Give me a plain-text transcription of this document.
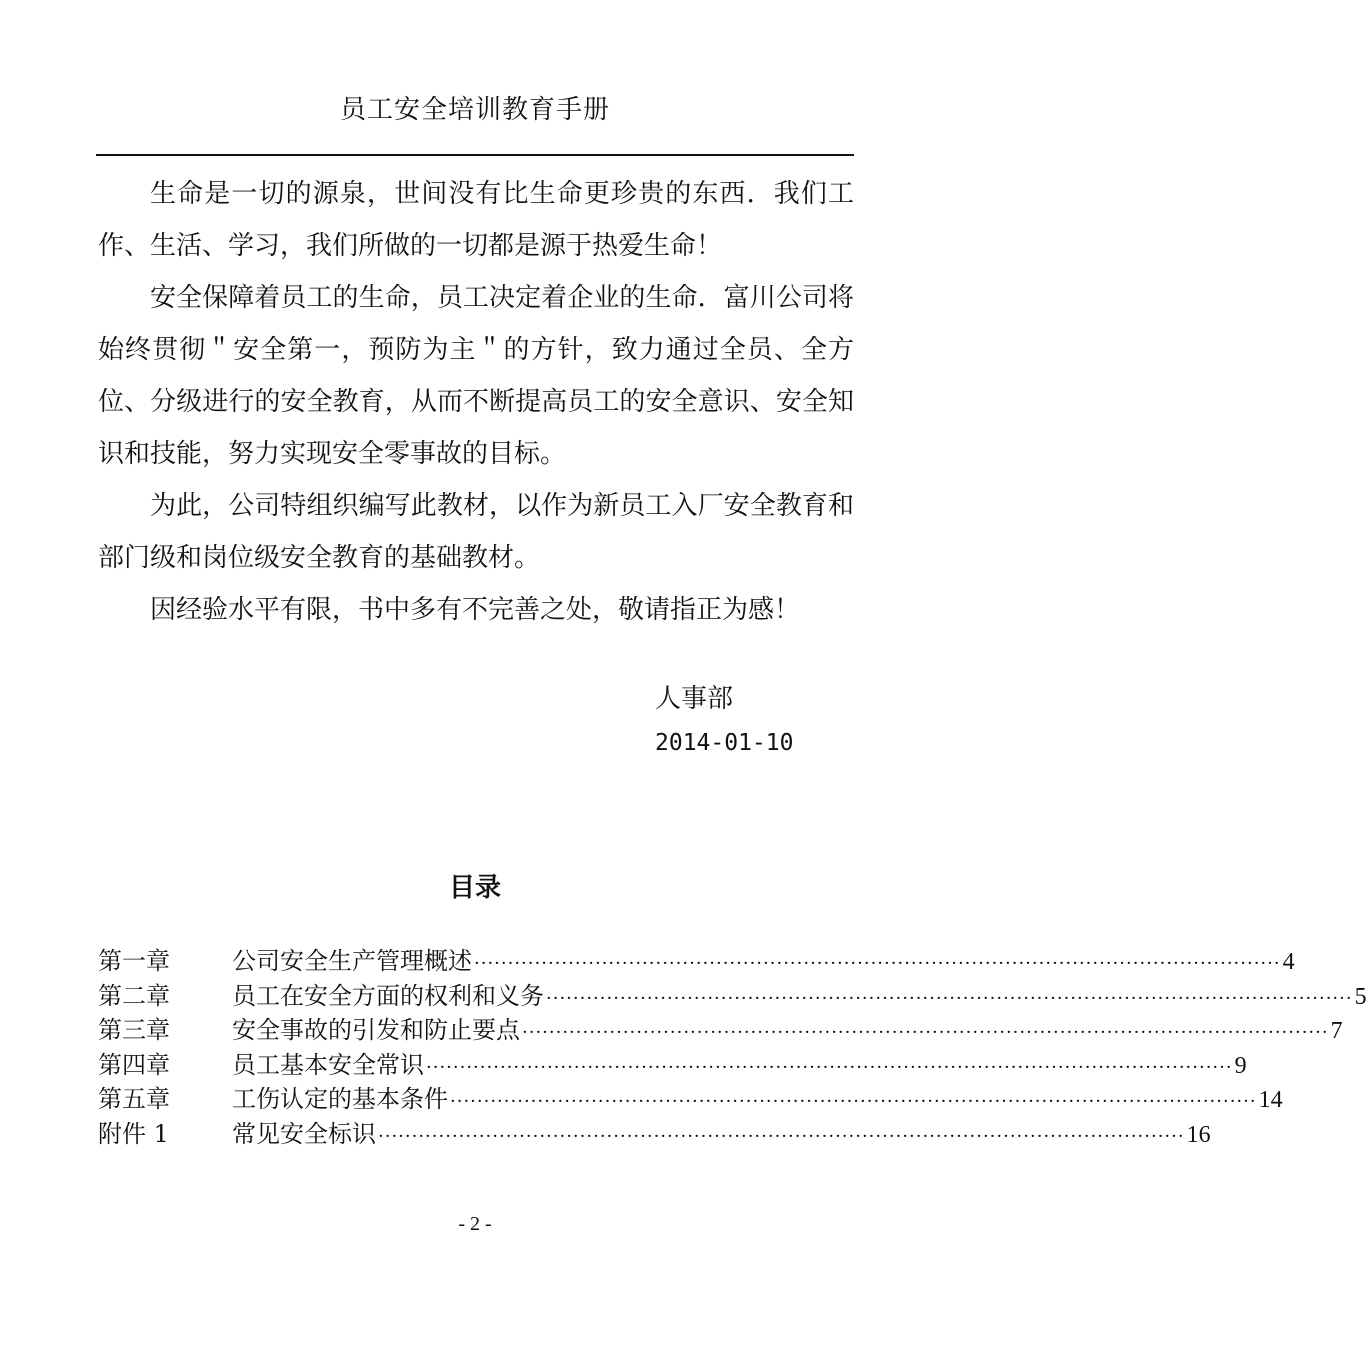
员工安全培训教育手册

生命是一切的源泉，世间没有比生命更珍贵的东西．我们工作、生活、学习，我们所做的一切都是源于热爱生命！

安全保障着员工的生命，员工决定着企业的生命．富川公司将始终贯彻＂安全第一，预防为主＂的方针，致力通过全员、全方位、分级进行的安全教育，从而不断提高员工的安全意识、安全知识和技能，努力实现安全零事故的目标。

为此，公司特组织编写此教材，以作为新员工入厂安全教育和部门级和岗位级安全教育的基础教材。

因经验水平有限，书中多有不完善之处，敬请指正为感！

人事部
2014-01-10
目录
第一章	公司安全生产管理概述 ························································································································ 4
第二章	员工在安全方面的权利和义务 ························································································································ 5
第三章	安全事故的引发和防止要点 ························································································································ 7
第四章	员工基本安全常识 ························································································································ 9
第五章	工伤认定的基本条件 ························································································································ 14
附件 1	常见安全标识 ························································································································ 16
- 2 -
